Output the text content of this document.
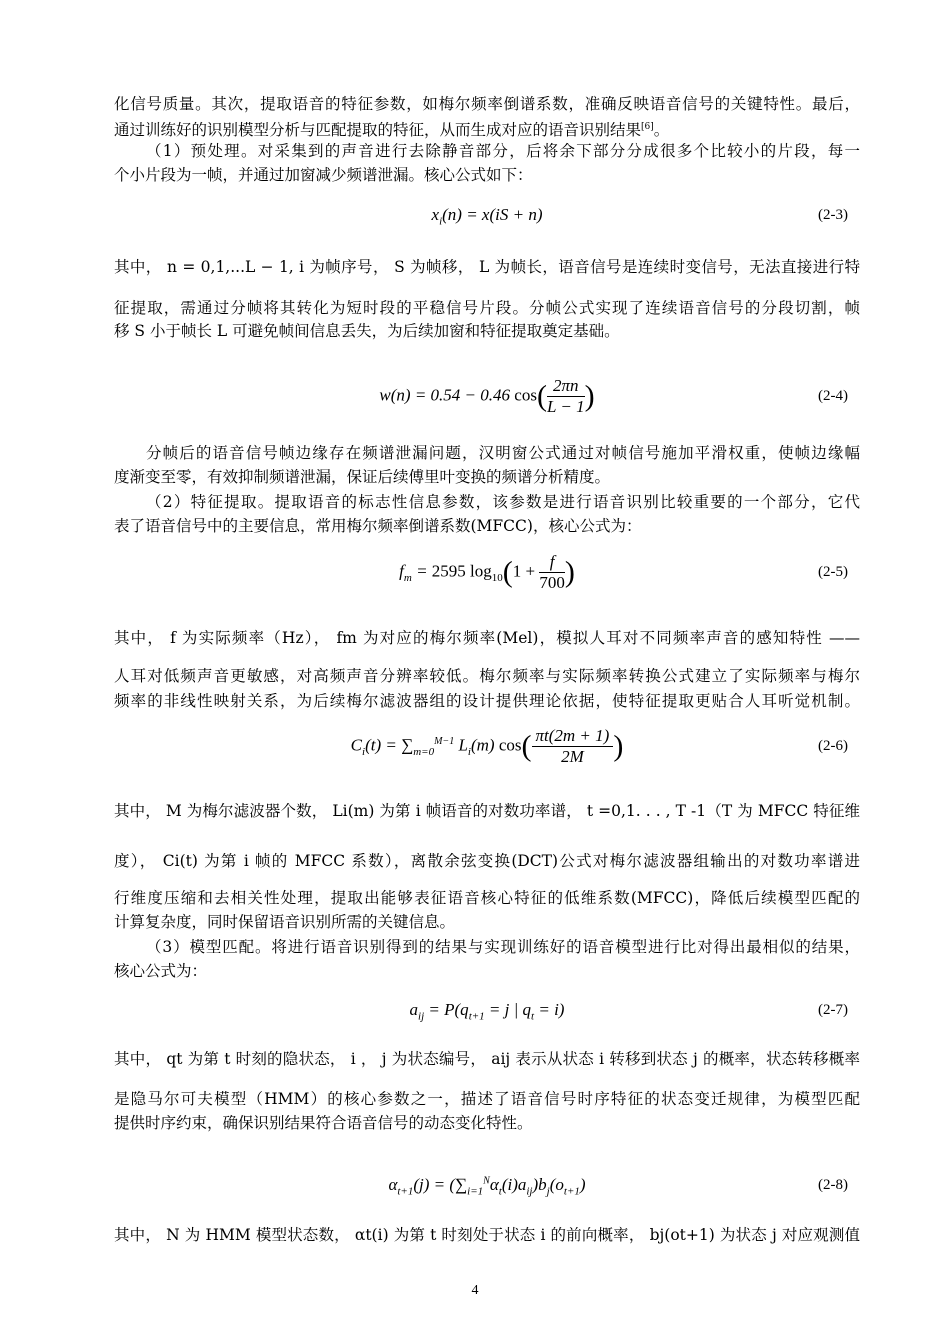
化信号质量。其次，提取语音的特征参数，如梅尔频率倒谱系数，准确反映语音信号的关键特性。最后，
通过训练好的识别模型分析与匹配提取的特征，从而生成对应的语音识别结果[6]。
（1）预处理。对采集到的声音进行去除静音部分，后将余下部分分成很多个比较小的片段，每一
个小片段为一帧，并通过加窗减少频谱泄漏。核心公式如下：
$x_i(n) = x(iS + n)$	(2-3)
其中， n = 0,1,...L − 1, i 为帧序号， S 为帧移， L 为帧长，语音信号是连续时变信号，无法直接进行特
征提取，需通过分帧将其转化为短时段的平稳信号片段。分帧公式实现了连续语音信号的分段切割，帧
移 S 小于帧长 L 可避免帧间信息丢失，为后续加窗和特征提取奠定基础。
w(n) = 0.54 − 0.46 $\cos( \frac{2\pi n}{L - 1}$ )	(2-4)
分帧后的语音信号帧边缘存在频谱泄漏问题，汉明窗公式通过对帧信号施加平滑权重，使帧边缘幅
度渐变至零，有效抑制频谱泄漏，保证后续傅里叶变换的频谱分析精度。
（2）特征提取。提取语音的标志性信息参数，该参数是进行语音识别比较重要的一个部分，它代
表了语音信号中的主要信息，常用梅尔频率倒谱系数(MFCC)，核心公式为：
$f_m = 2595$ $\log_{10}(1 + \frac{f}{700}$ )	(2-5)
其中， f 为实际频率（Hz）， fm 为对应的梅尔频率(Mel)，模拟人耳对不同频率声音的感知特性 ——
人耳对低频声音更敏感，对高频声音分辨率较低。梅尔频率与实际频率转换公式建立了实际频率与梅尔
频率的非线性映射关系，为后续梅尔滤波器组的设计提供理论依据，使特征提取更贴合人耳听觉机制。
$C_i(t) = \sum_{m=0}^{M-1}$ $L_i(m)$ $\cos( \frac{\pi t(2m + 1)}{2M}$ )	(2-6)
其中， M 为梅尔滤波器个数， Li(m) 为第 i 帧语音的对数功率谱， t =0,1. . . , T -1（T 为 MFCC 特征维
度）， Ci(t) 为第 i 帧的 MFCC 系数），离散余弦变换(DCT)公式对梅尔滤波器组输出的对数功率谱进
行维度压缩和去相关性处理，提取出能够表征语音核心特征的低维系数(MFCC)，降低后续模型匹配的
计算复杂度，同时保留语音识别所需的关键信息。
（3）模型匹配。将进行语音识别得到的结果与实现训练好的语音模型进行比对得出最相似的结果，
核心公式为：
$a_{ij} = P(q_{t+1} = j$ | $q_t = i$)	(2-7)
其中， qt 为第 t 时刻的隐状态， i ， j 为状态编号， aij 表示从状态 i 转移到状态 j 的概率，状态转移概率
是隐马尔可夫模型（HMM）的核心参数之一，描述了语音信号时序特征的状态变迁规律，为模型匹配
提供时序约束，确保识别结果符合语音信号的动态变化特性。
$\alpha_{t+1}(j) = (\sum_{i=1}^N\alpha_t(i)a_{ij})b_j(o_{t+1})$	(2-8)
其中， N 为 HMM 模型状态数， αt(i) 为第 t 时刻处于状态 i 的前向概率， bj(ot+1) 为状态 j 对应观测值
4
